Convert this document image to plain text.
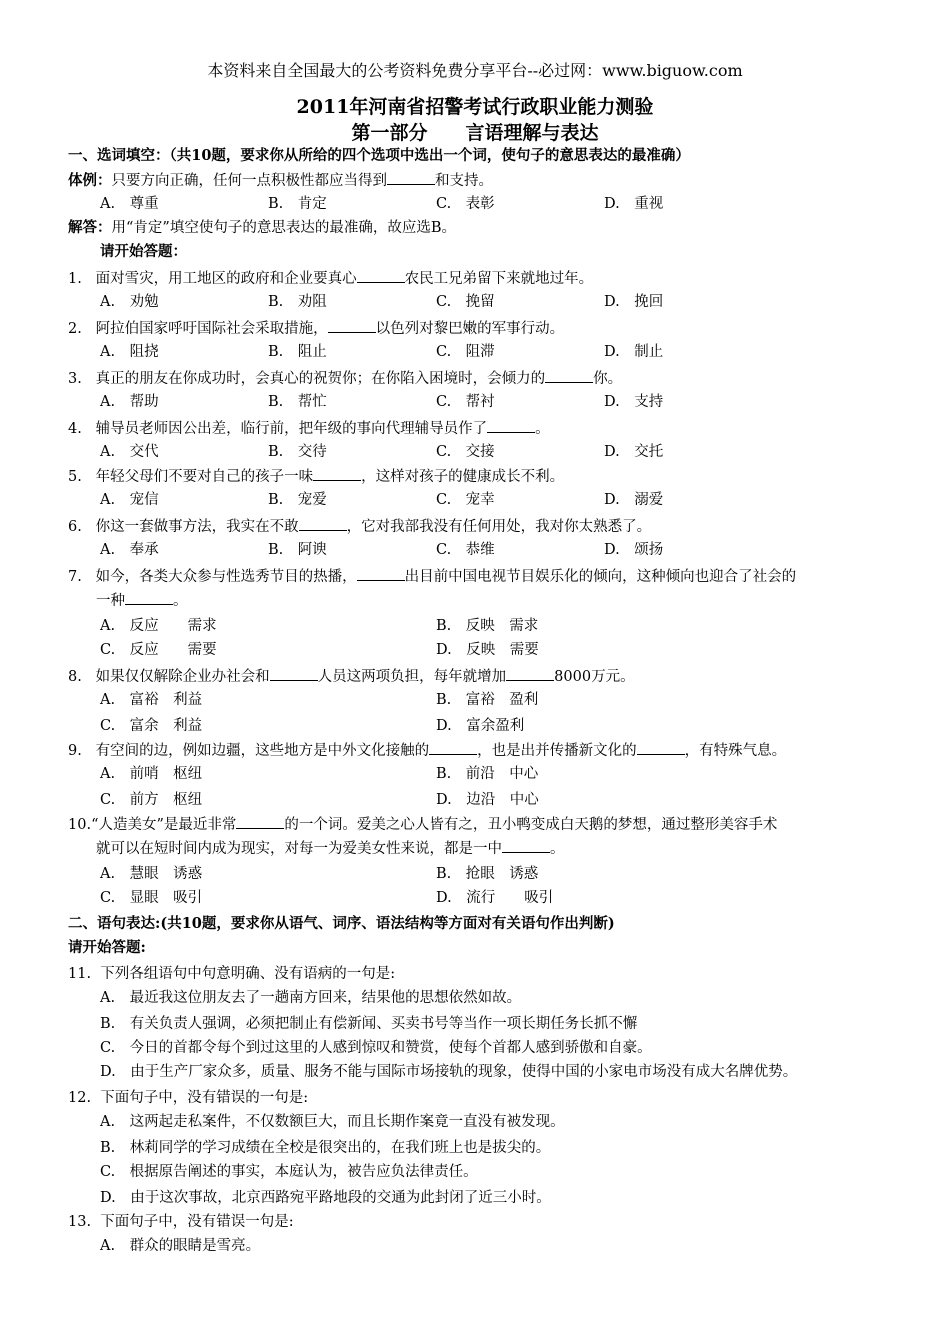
本资料来自全国最大的公考资料免费分享平台--必过网：www.biguow.com
2011年河南省招警考试行政职业能力测验
第一部分　　言语理解与表达
一、选词填空：（共10题，要求你从所给的四个选项中选出一个词，使句子的意思表达的最准确）
体例：只要方向正确，任何一点积极性都应当得到	和支持。
A.　尊重	B.　肯定	C.　表彰	D.　重视
解答：用“肯定”填空使句子的意思表达的最准确，故应选B。
请开始答题：
1. 面对雪灾，用工地区的政府和企业要真心	农民工兄弟留下来就地过年。
A.　劝勉	B.　劝阻	C.　挽留	D.　挽回
2. 阿拉伯国家呼吁国际社会采取措施，	以色列对黎巴嫩的军事行动。
A.　阻挠	B.　阻止	C.　阻滞	D.　制止
3. 真正的朋友在你成功时，会真心的祝贺你；在你陷入困境时，会倾力的	你。
A.　帮助	B.　帮忙	C.　帮衬	D.　支持
4. 辅导员老师因公出差，临行前，把年级的事向代理辅导员作了	。
A.　交代	B.　交待	C.　交接	D.　交托
5. 年轻父母们不要对自己的孩子一味	，这样对孩子的健康成长不利。
A.　宠信	B.　宠爱	C.　宠幸	D.　溺爱
6. 你这一套做事方法，我实在不敢	，它对我部我没有任何用处，我对你太熟悉了。
A.　奉承	B.　阿谀	C.　恭维	D.　颂扬
7. 如今，各类大众参与性选秀节目的热播，	出目前中国电视节目娱乐化的倾向，这种倾向也迎合了社会的
一种	。
A.　反应　　需求	B.　反映　需求
C.　反应　　需要	D.　反映　需要
8. 如果仅仅解除企业办社会和	人员这两项负担，每年就增加	8000万元。
A.　富裕　利益	B.　富裕　盈利
C.　富余　利益	D.　富余盈利
9. 有空间的边，例如边疆，这些地方是中外文化接触的	，也是出并传播新文化的	，有特殊气息。
A.　前哨　枢纽	B.　前沿　中心
C.　前方　枢纽	D.　边沿　中心
10.“人造美女”是最近非常	的一个词。爱美之心人皆有之，丑小鸭变成白天鹅的梦想，通过整形美容手术
就可以在短时间内成为现实，对每一为爱美女性来说，都是一中	。
A.　慧眼　诱惑	B.　抢眼　诱惑
C.　显眼　吸引	D.　流行　　吸引
二、语句表达:(共10题，要求你从语气、词序、语法结构等方面对有关语句作出判断)
请开始答题:
11. 下列各组语句中句意明确、没有语病的一句是:
A.　最近我这位朋友去了一趟南方回来，结果他的思想依然如故。
B.　有关负责人强调，必须把制止有偿新闻、买卖书号等当作一项长期任务长抓不懈
C.　今日的首都令每个到过这里的人感到惊叹和赞赏，使每个首都人感到骄傲和自豪。
D.　由于生产厂家众多，质量、服务不能与国际市场接轨的现象，使得中国的小家电市场没有成大名牌优势。
12. 下面句子中，没有错误的一句是:
A.　这两起走私案件，不仅数额巨大，而且长期作案竟一直没有被发现。
B.　林莉同学的学习成绩在全校是很突出的，在我们班上也是拔尖的。
C.　根据原告阐述的事实，本庭认为，被告应负法律责任。
D.　由于这次事故，北京西路宛平路地段的交通为此封闭了近三小时。
13. 下面句子中，没有错误一句是:
A.　群众的眼睛是雪亮。
